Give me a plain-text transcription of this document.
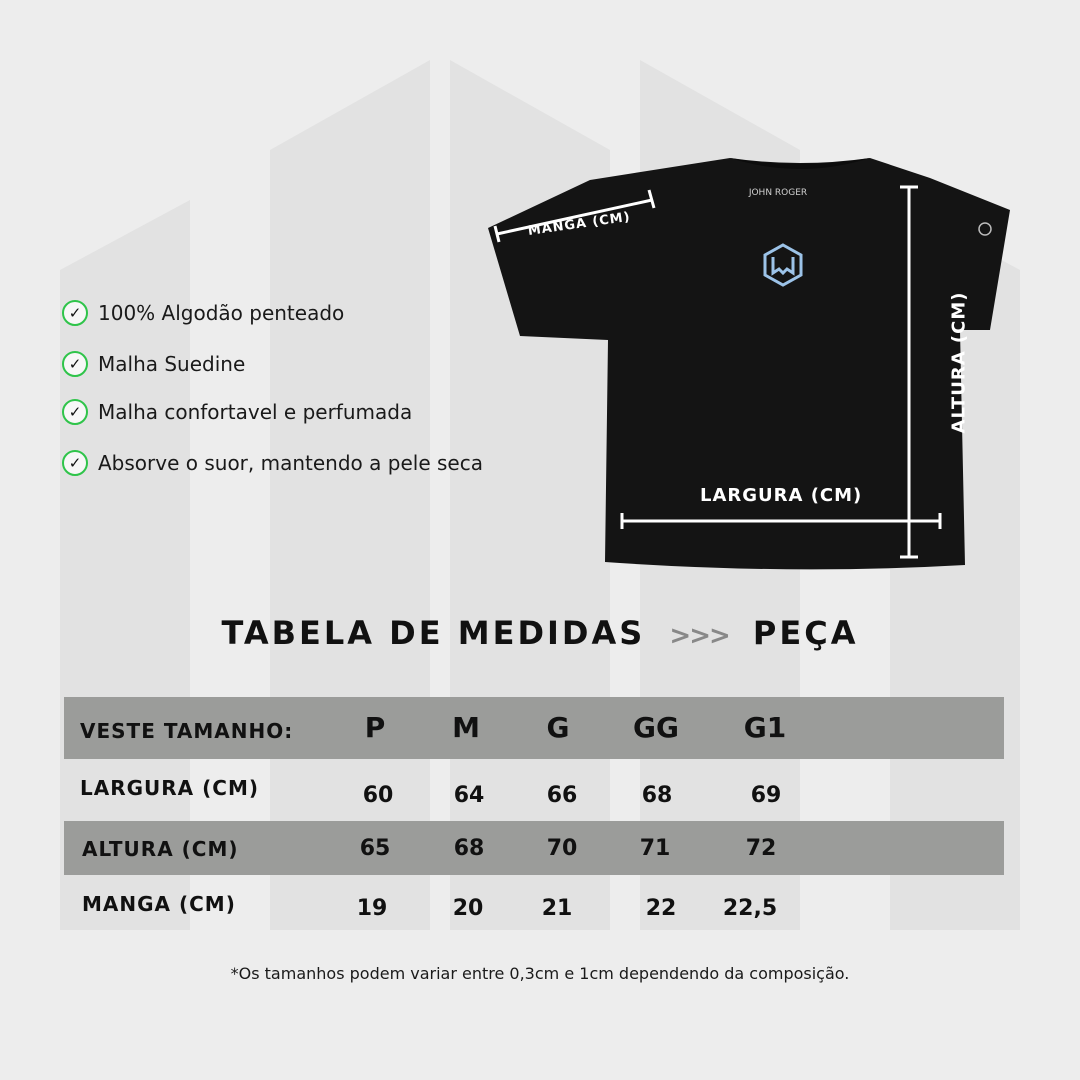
✓ 100% Algodão penteado
✓ Malha Suedine
✓ Malha confortavel e perfumada
✓ Absorve o suor, mantendo a pele seca
JOHN ROGER
MANGA (CM)
LARGURA (CM)
ALTURA (CM)
TABELA DE MEDIDAS >>> PEÇA
VESTE TAMANHO:	P	M	G	GG	G1
LARGURA (CM)	60	64	66	68	69
ALTURA (CM)	65	68	70	71	72
MANGA (CM)	19	20	21	22	22,5
*Os tamanhos podem variar entre 0,3cm e 1cm dependendo da composição.
